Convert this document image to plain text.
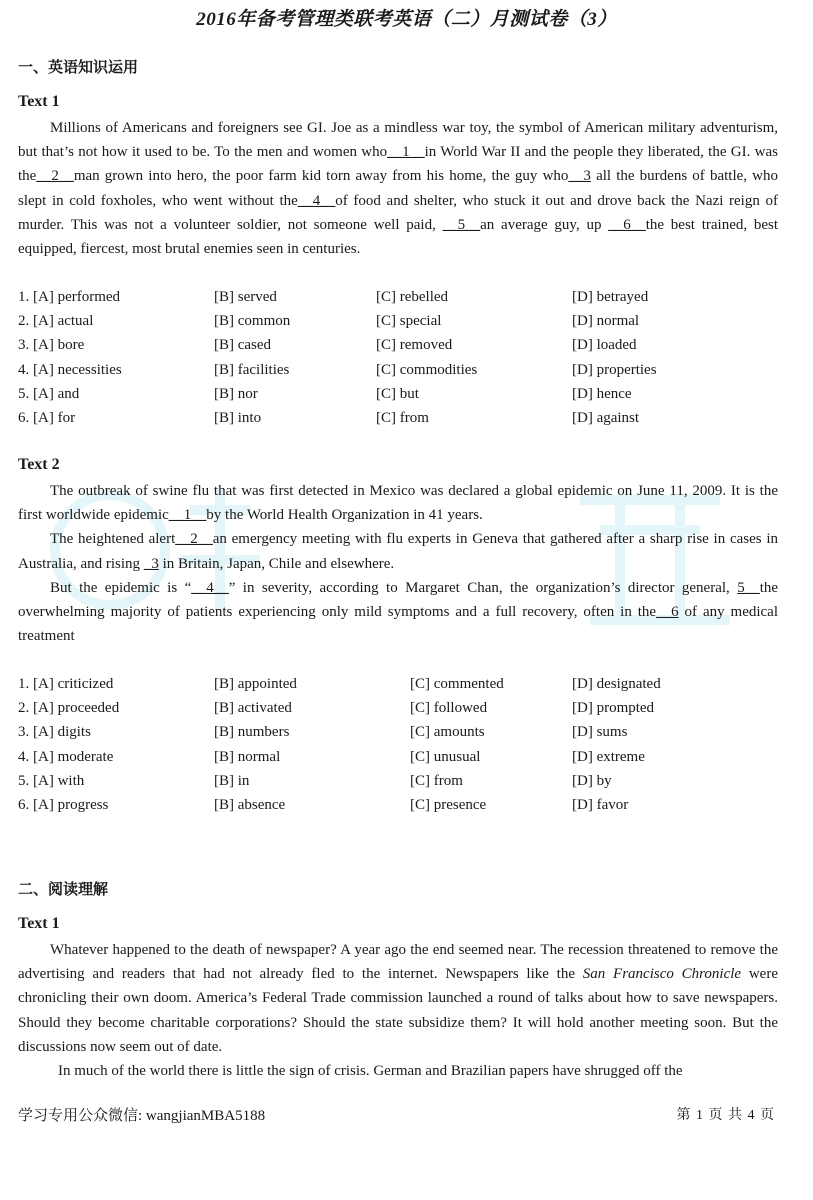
2016年备考管理类联考英语（二）月测试卷（3）
一、英语知识运用
Text 1

Millions of Americans and foreigners see GI. Joe as a mindless war toy, the symbol of American military adventurism, but that’s not how it used to be. To the men and women who__1__in World War II and the people they liberated, the GI. was the__2__man grown into hero, the poor farm kid torn away from his home, the guy who__3 all the burdens of battle, who slept in cold foxholes, who went without the__4__of food and shelter, who stuck it out and drove back the Nazi reign of murder. This was not a volunteer soldier, not someone well paid, __5__an average guy, up __6__the best trained, best equipped, fiercest, most brutal enemies seen in centuries.

1. [A] performed	[B] served	[C] rebelled	[D] betrayed
2. [A] actual	[B] common	[C] special	[D] normal
3. [A] bore	[B] cased	[C] removed	[D] loaded
4. [A] necessities	[B] facilities	[C] commodities	[D] properties
5. [A] and	[B] nor	[C] but	[D] hence
6. [A] for	[B] into	[C] from	[D] against
Text 2

The outbreak of swine flu that was first detected in Mexico was declared a global epidemic on June 11, 2009. It is the first worldwide epidemic__1__by the World Health Organization in 41 years.

The heightened alert__2__an emergency meeting with flu experts in Geneva that gathered after a sharp rise in cases in Australia, and rising _3 in Britain, Japan, Chile and elsewhere.

But the epidemic is “__4__” in severity, according to Margaret Chan, the organization’s director general, 5__the overwhelming majority of patients experiencing only mild symptoms and a full recovery, often in the__6 of any medical treatment

1. [A] criticized	[B] appointed	[C] commented	[D] designated
2. [A] proceeded	[B] activated	[C] followed	[D] prompted
3. [A] digits	[B] numbers	[C] amounts	[D] sums
4. [A] moderate	[B] normal	[C] unusual	[D] extreme
5. [A] with	[B] in	[C] from	[D] by
6. [A] progress	[B] absence	[C] presence	[D] favor
二、阅读理解
Text 1

Whatever happened to the death of newspaper? A year ago the end seemed near. The recession threatened to remove the advertising and readers that had not already fled to the internet. Newspapers like the San Francisco Chronicle were chronicling their own doom. America’s Federal Trade commission launched a round of talks about how to save newspapers. Should they become charitable corporations? Should the state subsidize them? It will hold another meeting soon. But the discussions now seem out of date.

In much of the world there is little the sign of crisis. German and Brazilian papers have shrugged off the

学习专用公众微信: wangjianMBA5188	第 1 页 共 4 页
